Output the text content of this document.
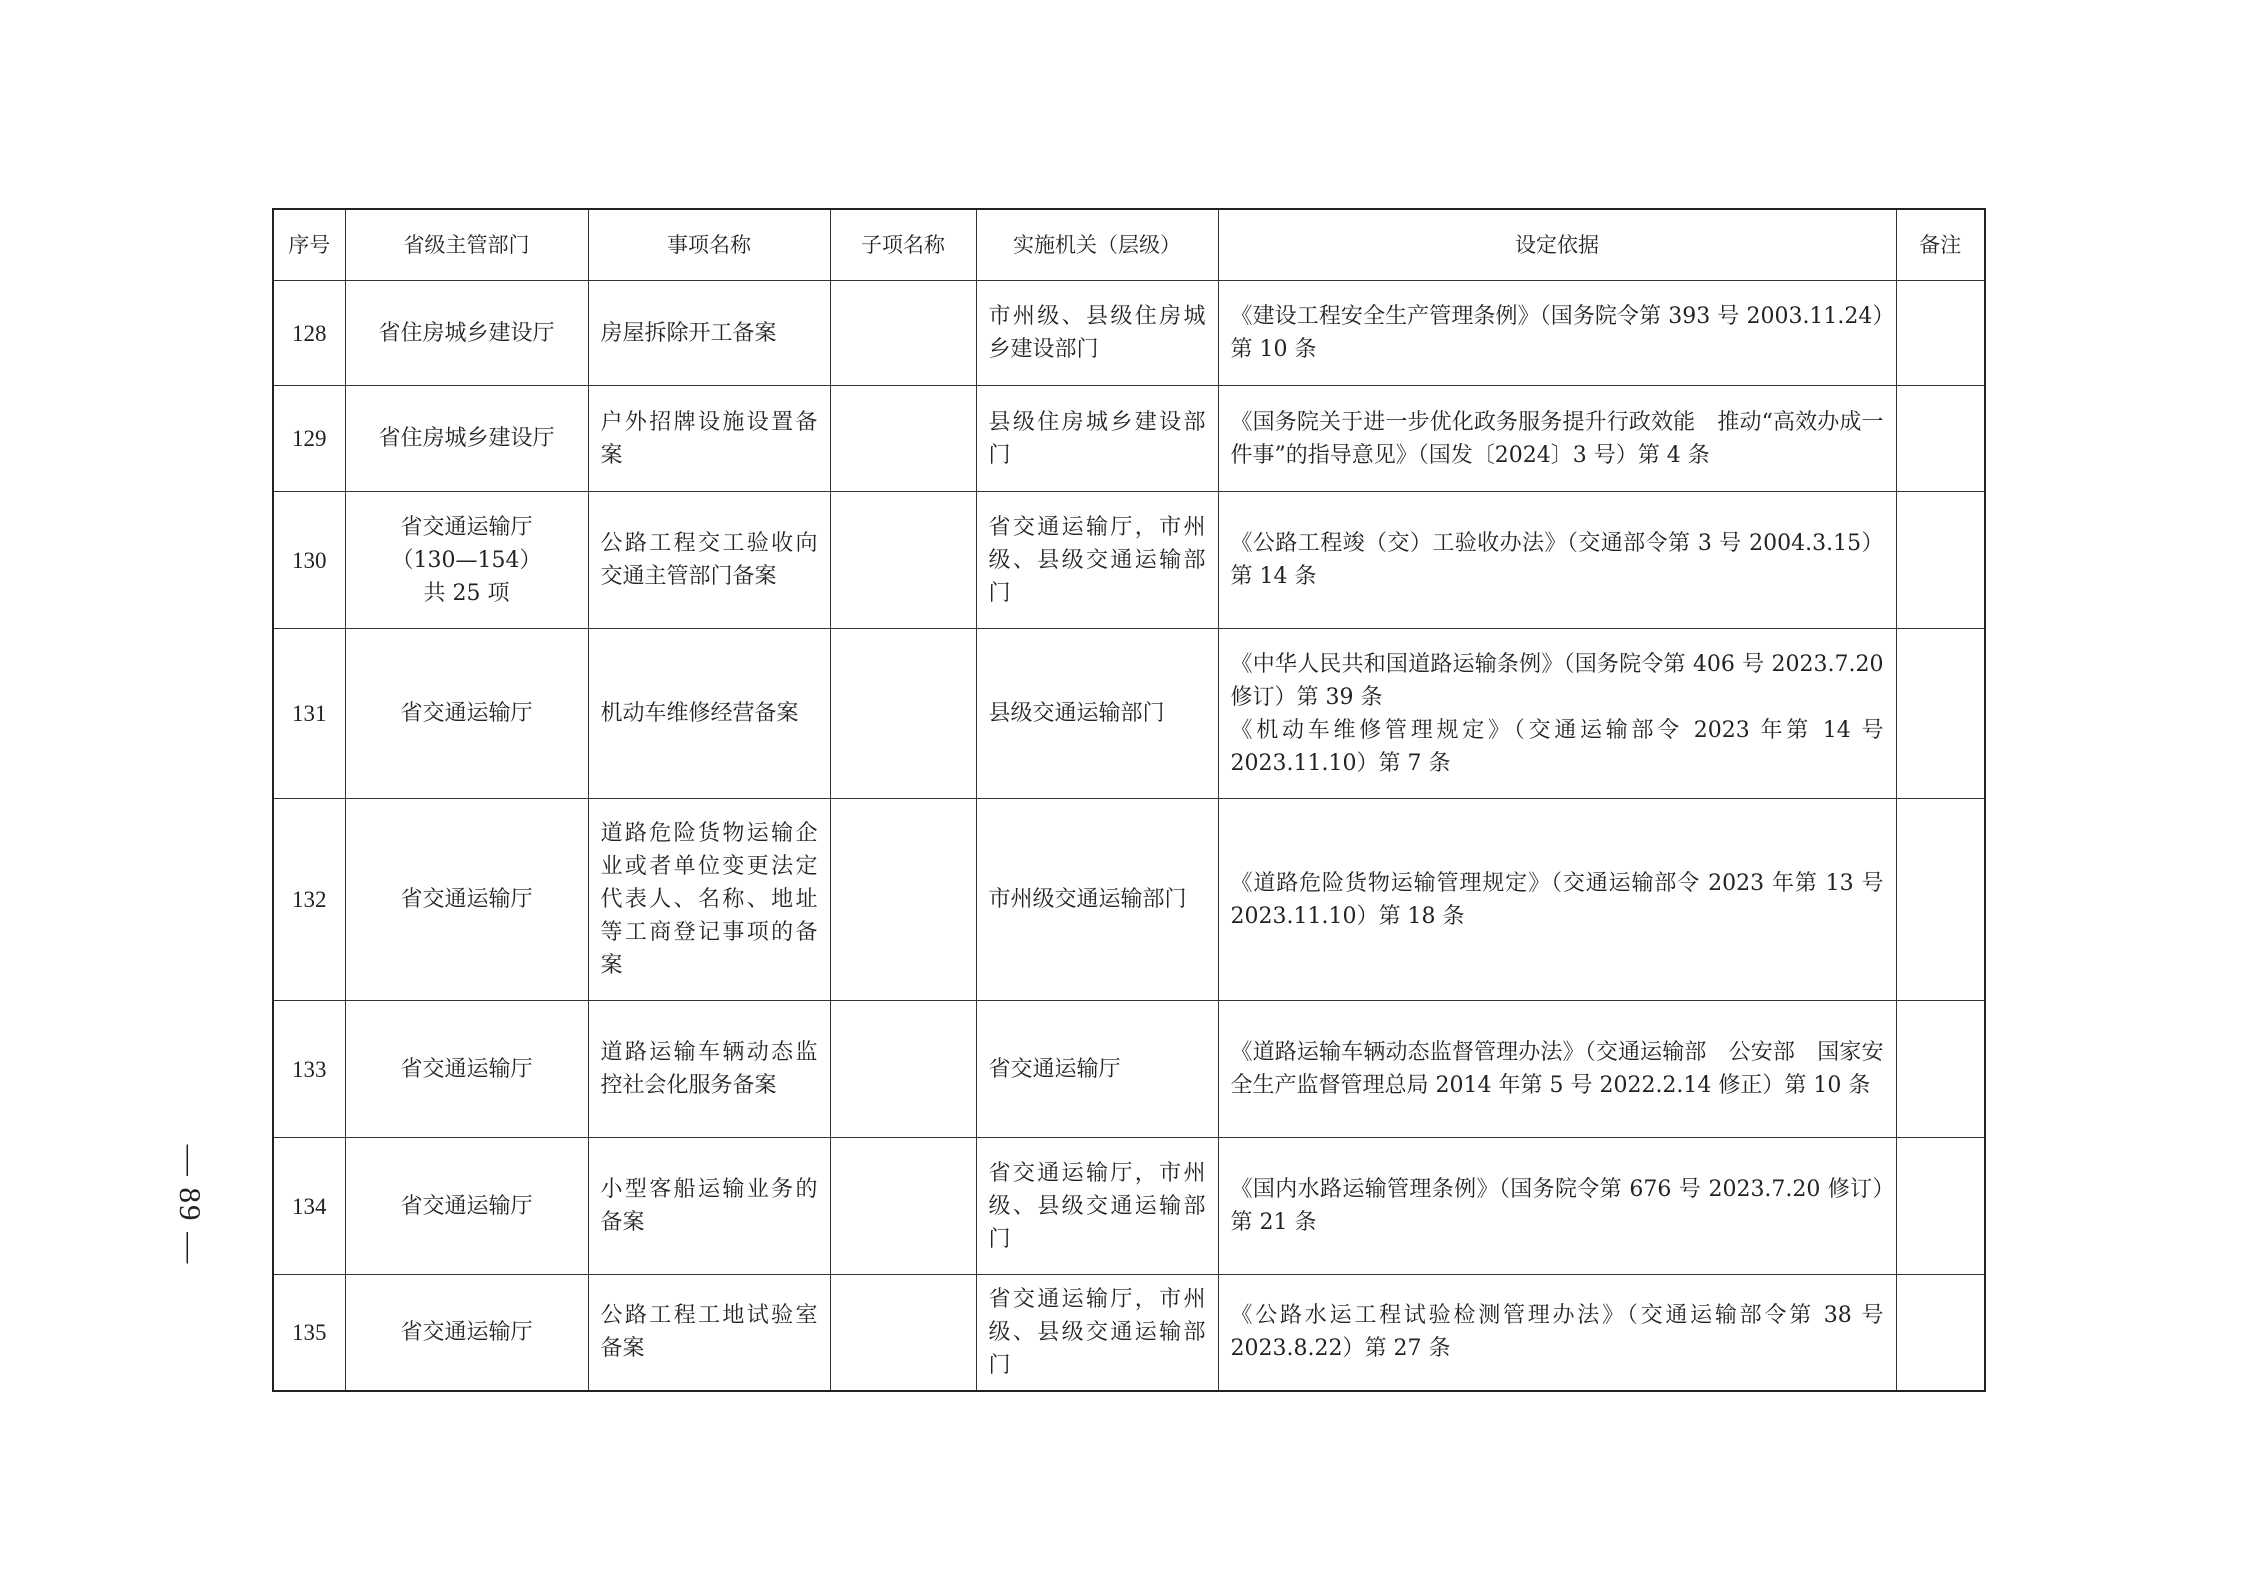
— 89 —
序号	省级主管部门	事项名称	子项名称	实施机关（层级）	设定依据	备注
128	省住房城乡建设厅	房屋拆除开工备案		市州级、县级住房城乡建设部门	《建设工程安全生产管理条例》（国务院令第 393 号 2003.11.24）第 10 条	

129	省住房城乡建设厅	户外招牌设施设置备案		县级住房城乡建设部门	《国务院关于进一步优化政务服务提升行政效能　推动“高效办成一件事”的指导意见》（国发〔2024〕3 号）第 4 条	

130	省交通运输厅
（130—154）
共 25 项	公路工程交工验收向交通主管部门备案		省交通运输厅，市州级、县级交通运输部门	《公路工程竣（交）工验收办法》（交通部令第 3 号 2004.3.15）第 14 条	

131	省交通运输厅	机动车维修经营备案		县级交通运输部门	《中华人民共和国道路运输条例》（国务院令第 406 号 2023.7.20 修订）第 39 条
《机动车维修管理规定》（交通运输部令 2023 年第 14 号 2023.11.10）第 7 条	

132	省交通运输厅	道路危险货物运输企业或者单位变更法定代表人、名称、地址等工商登记事项的备案		市州级交通运输部门	《道路危险货物运输管理规定》（交通运输部令 2023 年第 13 号 2023.11.10）第 18 条	

133	省交通运输厅	道路运输车辆动态监控社会化服务备案		省交通运输厅	《道路运输车辆动态监督管理办法》（交通运输部　公安部　国家安全生产监督管理总局 2014 年第 5 号 2022.2.14 修正）第 10 条	

134	省交通运输厅	小型客船运输业务的备案		省交通运输厅，市州级、县级交通运输部门	《国内水路运输管理条例》（国务院令第 676 号 2023.7.20 修订）第 21 条	

135	省交通运输厅	公路工程工地试验室备案		省交通运输厅，市州级、县级交通运输部门	《公路水运工程试验检测管理办法》（交通运输部令第 38 号 2023.8.22）第 27 条	
